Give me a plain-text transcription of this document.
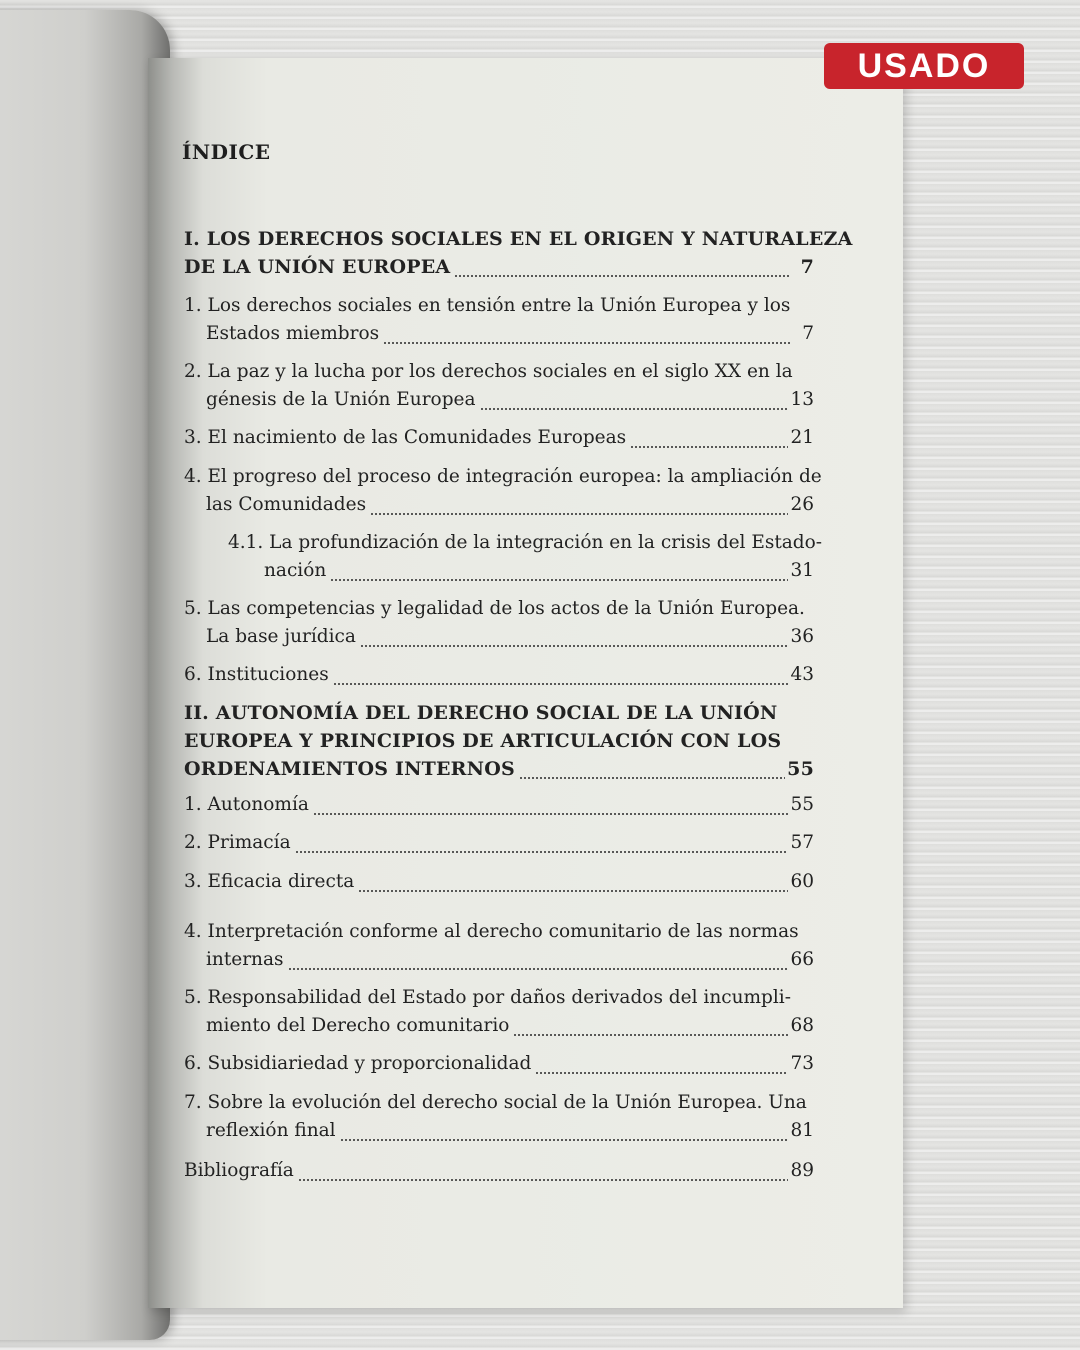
USADO
ÍNDICE
I. LOS DERECHOS SOCIALES EN EL ORIGEN Y NATURALEZA
DE LA UNIÓN EUROPEA	7
1. Los derechos sociales en tensión entre la Unión Europea y los
Estados miembros	7
2. La paz y la lucha por los derechos sociales en el siglo XX en la
génesis de la Unión Europea	13
3. El nacimiento de las Comunidades Europeas	21
4. El progreso del proceso de integración europea: la ampliación de
las Comunidades	26
4.1. La profundización de la integración en la crisis del Estado-
nación	31
5. Las competencias y legalidad de los actos de la Unión Europea.
La base jurídica	36
6. Instituciones	43
II. AUTONOMÍA DEL DERECHO SOCIAL DE LA UNIÓN
EUROPEA Y PRINCIPIOS DE ARTICULACIÓN CON LOS
ORDENAMIENTOS INTERNOS	55
1. Autonomía	55
2. Primacía	57
3. Eficacia directa	60
4. Interpretación conforme al derecho comunitario de las normas
internas	66
5. Responsabilidad del Estado por daños derivados del incumpli-
miento del Derecho comunitario	68
6. Subsidiariedad y proporcionalidad	73
7. Sobre la evolución del derecho social de la Unión Europea. Una
reflexión final	81
Bibliografía	89
